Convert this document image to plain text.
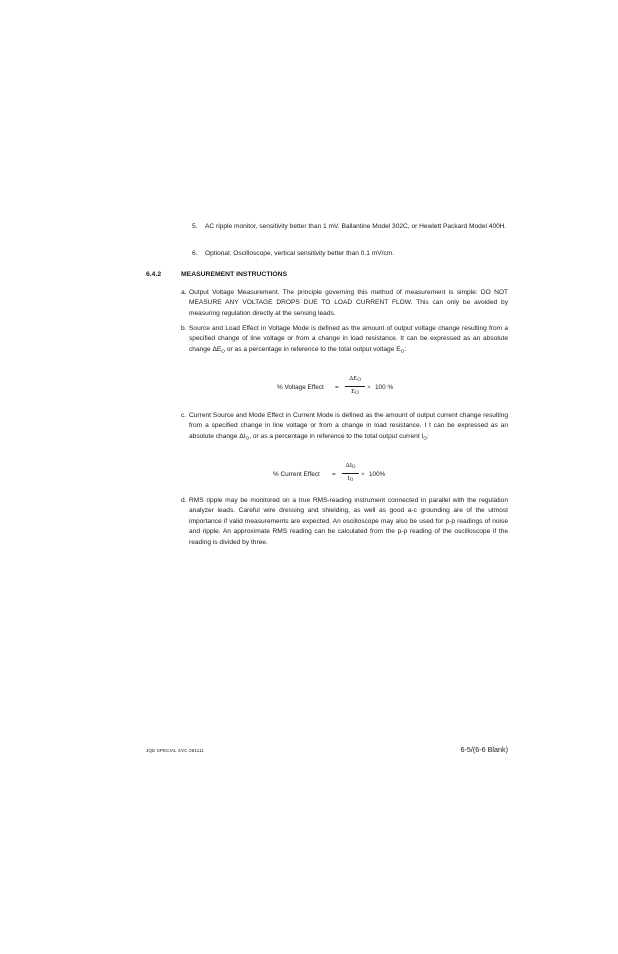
5. AC ripple monitor, sensitivity better than 1 mV. Ballantine Model 302C, or Hewlett Packard Model 400H.
6. Optional: Oscilloscope, vertical sensitivity better than 0.1 mV/cm.
6.4.2	MEASUREMENT INSTRUCTIONS
a. Output Voltage Measurement. The principle governing this method of measurement is simple: DO NOT MEASURE ANY VOLTAGE DROPS DUE TO LOAD CURRENT FLOW. This can only be avoided by measuring regulation directly at the sensing leads.
b. Source and Load Effect in Voltage Mode is defined as the amount of output voltage change resulting from a specified change of line voltage or from a change in load resistance. It can be expressed as an absolute change $\Delta E_O$ or as a percentage in reference to the total output voltage $E_O$:
% Voltage Effect =
$\Delta E_O$
$E_O$
× 100 %
c. Current Source and Mode Effect in Current Mode is defined as the amount of output current change resulting from a specified change in line voltage or from a change in load resistance. I t can be expressed as an absolute change $\Delta I_O$, or as a percentage in reference to the total output current $I_O$:
% Current Effect =
$\Delta I_O$
$I_O$
× 100%
d. RMS ripple may be monitored on a true RMS-reading instrument connected in parallel with the regulation analyzer leads. Careful wire dressing and shielding, as well as good a-c grounding are of the utmost importance if valid measurements are expected. An oscilloscope may also be used for p-p readings of noise and ripple. An approximate RMS reading can be calculated from the p-p reading of the oscilloscope if the reading is divided by three.
JQE SPECIAL SVC 081111	6-5/(6-6 Blank)
